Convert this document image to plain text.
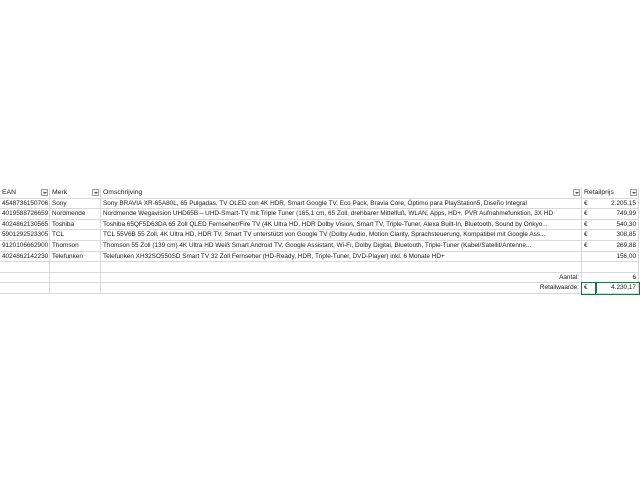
EAN	Merk	Omschrijving	Retailprijs
4548736150706 Sony	Sony BRAVIA XR-65A80L, 65 Pulgadas, TV OLED con 4K HDR, Smart Google TV, Eco Pack, Bravia Core, Óptimo para PlayStation5, Diseño Integral	€	2.205,15
4019588726659 Nordmende	Nordmende Wegavision UHD65B – UHD-Smart-TV mit Triple Tuner (165,1 cm, 65 Zoll, drehbarer Mittelfuß, WLAN, Apps, HD+, PVR Aufnahmefunktion, 3X HD	€	749,99
4024862130565 Toshiba	Toshiba 65QF5D63DA 65 Zoll QLED Fernseher/Fire TV (4K Ultra HD, HDR Dolby Vision, Smart TV, Triple-Tuner, Alexa Built-In, Bluetooth, Sound by Onkyo...	€	540,30
5901292523305 TCL	TCL 55V6B 55 Zoll, 4K Ultra HD, HDR TV, Smart TV unterstützt von Google TV (Dolby Audio, Motion Clarity, Sprachsteuerung, Kompatibel mit Google Ass...	€	308,85
9120106662900 Thomson	Thomson 55 Zoll (139 cm) 4K Ultra HD Weiß Smart Android TV, Google Assistant, Wi-Fi, Dolby Digital, Bluetooth, Triple-Tuner (Kabel/Satellit/Antenne...	€	269,88
4024862142230 Telefunken	Telefunken XH32SO550SD Smart TV 32 Zoll Fernseher (HD-Ready, HDR, Triple-Tuner, DVD-Player) inkl. 6 Monate HD+	156,00
Aantal:	6
Retailwaarde: €	4.230,17
